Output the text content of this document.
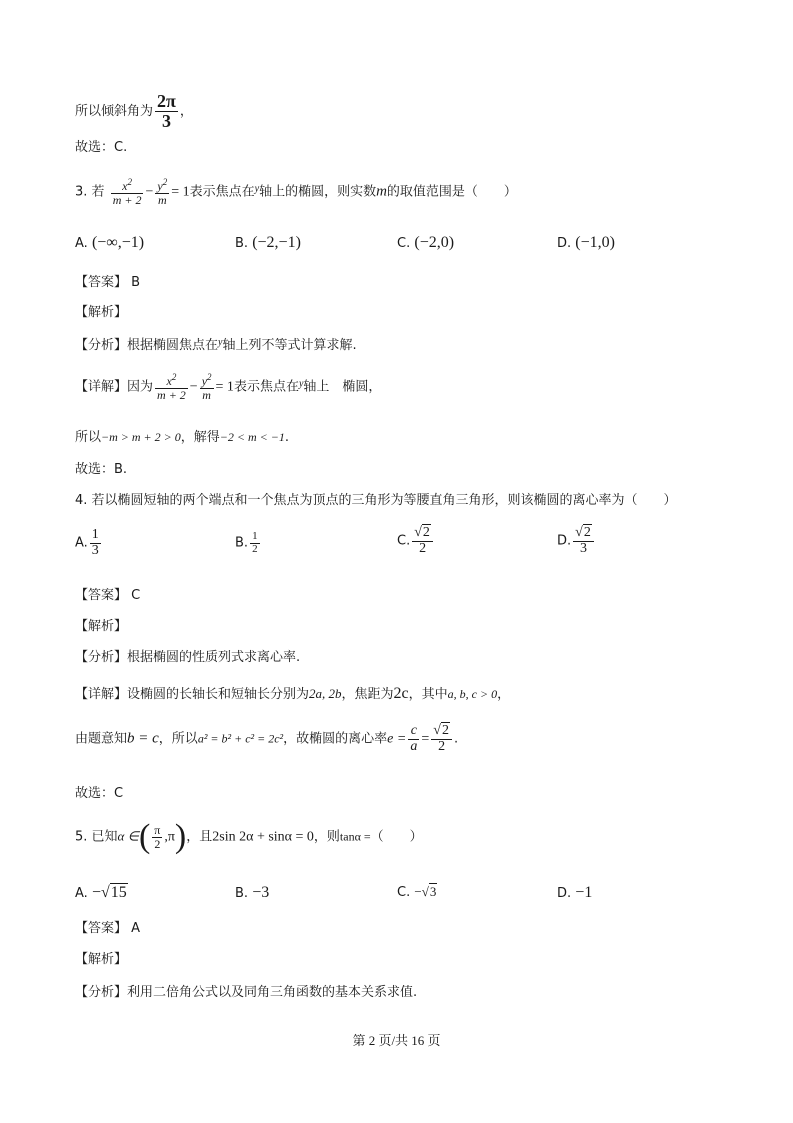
所以倾斜角为 $\frac{2\pi}{3}$ ，
故选：C.
3. 若 $\frac{x^2}{m + 2} - \frac{y^2}{m} = 1$表示焦点在$^y$轴上的椭圆，则实数m的取值范围是（　　）
A. (−∞,−1)	B. (−2,−1)	C. (−2,0)	D. (−1,0)
【答案】 B
【解析】
【分析】根据椭圆焦点在$^y$轴上列不等式计算求解.
【详解】因为 $\frac{x^2}{m + 2} - \frac{y^2}{m} = 1$表示焦点在$^y$轴上　椭圆，
所以−m > m + 2 > 0，解得−2 < m < −1.
故选：B.
4. 若以椭圆短轴的两个端点和一个焦点为顶点的三角形为等腰直角三角形，则该椭圆的离心率为（　　）
A. $\frac{1}{3}$	B. $\frac{1}{2}$	C. $\frac{√2}{2}$	D. $\frac{√2}{3}$
【答案】 C
【解析】
【分析】根据椭圆的性质列式求离心率.
【详解】设椭圆的长轴长和短轴长分别为2a, 2b，焦距为2c，其中a, b, c > 0，
由题意知b = c，所以a² = b² + c² = 2c²，故椭圆的离心率$e = \frac{c}{a} = \frac{√2}{2}$ .
故选：C
5. 已知α ∈( $\frac{\pi}{2} ,\pi$)，且2sin 2α + sinα = 0，则tanα =（　　）
A. −√15	B. −3	C. −√3	D. −1
【答案】 A
【解析】
【分析】利用二倍角公式以及同角三角函数的基本关系求值.
第 2 页/共 16 页
